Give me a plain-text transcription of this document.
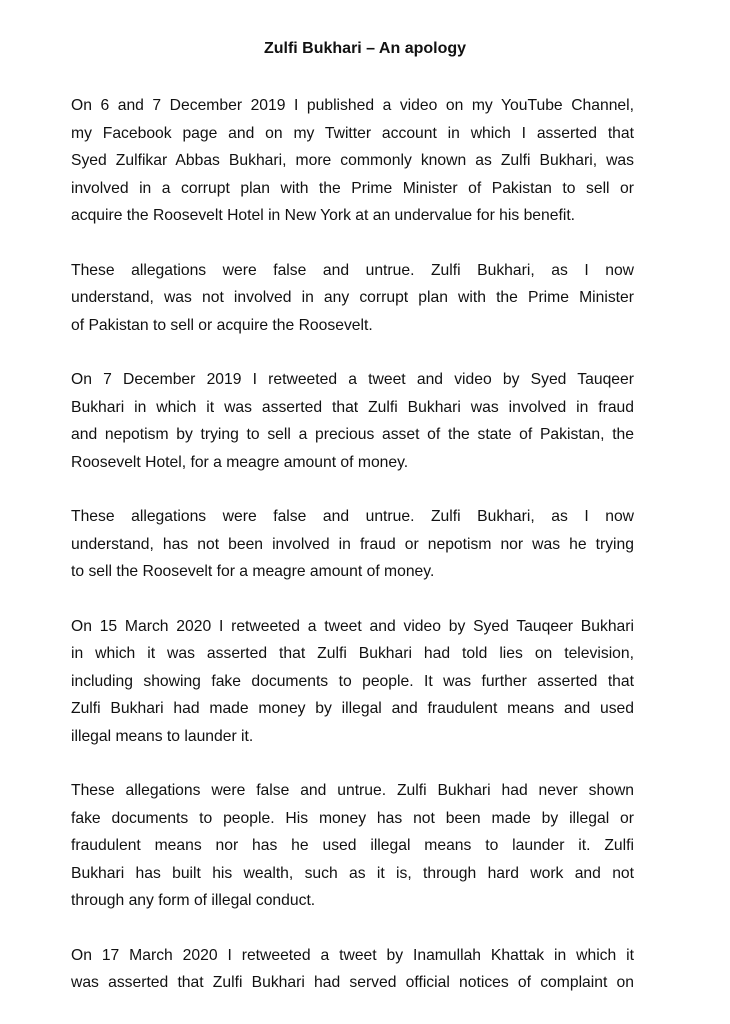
Zulfi Bukhari – An apology
On 6 and 7 December 2019 I published a video on my YouTube Channel,
my Facebook page and on my Twitter account in which I asserted that
Syed Zulfikar Abbas Bukhari, more commonly known as Zulfi Bukhari, was
involved in a corrupt plan with the Prime Minister of Pakistan to sell or
acquire the Roosevelt Hotel in New York at an undervalue for his benefit.
These allegations were false and untrue. Zulfi Bukhari, as I now
understand, was not involved in any corrupt plan with the Prime Minister
of Pakistan to sell or acquire the Roosevelt.
On 7 December 2019 I retweeted a tweet and video by Syed Tauqeer
Bukhari in which it was asserted that Zulfi Bukhari was involved in fraud
and nepotism by trying to sell a precious asset of the state of Pakistan, the
Roosevelt Hotel, for a meagre amount of money.
These allegations were false and untrue. Zulfi Bukhari, as I now
understand, has not been involved in fraud or nepotism nor was he trying
to sell the Roosevelt for a meagre amount of money.
On 15 March 2020 I retweeted a tweet and video by Syed Tauqeer Bukhari
in which it was asserted that Zulfi Bukhari had told lies on television,
including showing fake documents to people. It was further asserted that
Zulfi Bukhari had made money by illegal and fraudulent means and used
illegal means to launder it.
These allegations were false and untrue. Zulfi Bukhari had never shown
fake documents to people. His money has not been made by illegal or
fraudulent means nor has he used illegal means to launder it. Zulfi
Bukhari has built his wealth, such as it is, through hard work and not
through any form of illegal conduct.
On 17 March 2020 I retweeted a tweet by Inamullah Khattak in which it
was asserted that Zulfi Bukhari had served official notices of complaint on
